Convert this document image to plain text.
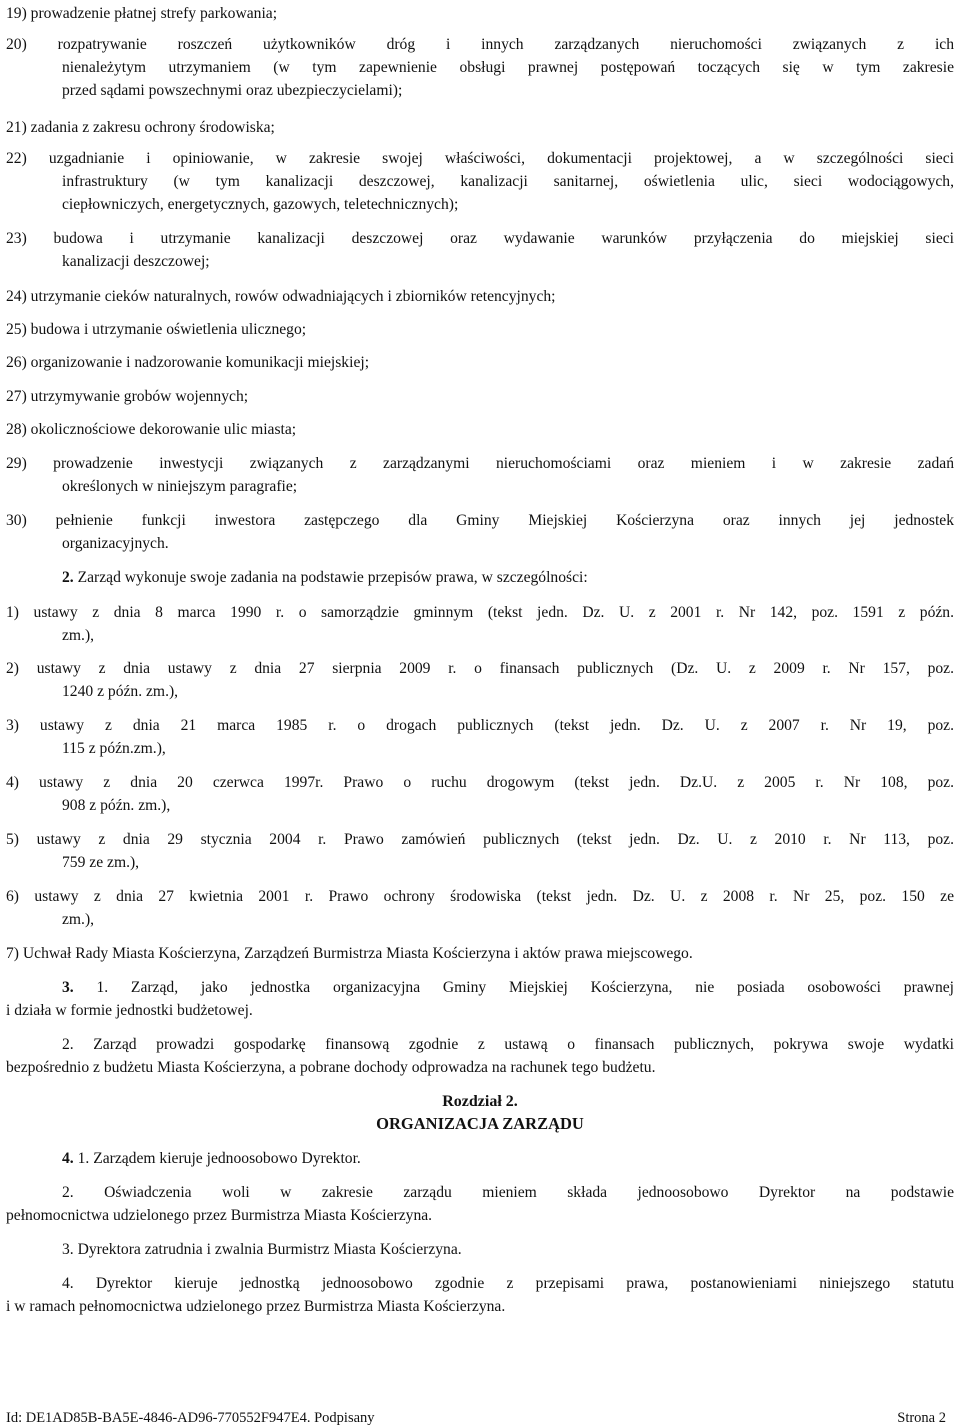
19) prowadzenie płatnej strefy parkowania;
20) rozpatrywanie roszczeń użytkowników dróg i innych zarządzanych nieruchomości związanych z ich
nienależytym utrzymaniem (w tym zapewnienie obsługi prawnej postępowań toczących się w tym zakresie
przed sądami powszechnymi oraz ubezpieczycielami);
21) zadania z zakresu ochrony środowiska;
22) uzgadnianie i opiniowanie, w zakresie swojej właściwości, dokumentacji projektowej, a w szczególności sieci
infrastruktury (w tym kanalizacji deszczowej, kanalizacji sanitarnej, oświetlenia ulic, sieci wodociągowych,
ciepłowniczych, energetycznych, gazowych, teletechnicznych);
23) budowa i utrzymanie kanalizacji deszczowej oraz wydawanie warunków przyłączenia do miejskiej sieci
kanalizacji deszczowej;
24) utrzymanie cieków naturalnych, rowów odwadniających i zbiorników retencyjnych;
25) budowa i utrzymanie oświetlenia ulicznego;
26) organizowanie i nadzorowanie komunikacji miejskiej;
27) utrzymywanie grobów wojennych;
28) okolicznościowe dekorowanie ulic miasta;
29) prowadzenie inwestycji związanych z zarządzanymi nieruchomościami oraz mieniem i w zakresie zadań
określonych w niniejszym paragrafie;
30) pełnienie funkcji inwestora zastępczego dla Gminy Miejskiej Kościerzyna oraz innych jej jednostek
organizacyjnych.
2. Zarząd wykonuje swoje zadania na podstawie przepisów prawa, w szczególności:
1) ustawy z dnia 8 marca 1990 r. o samorządzie gminnym (tekst jedn. Dz. U. z 2001 r. Nr 142, poz. 1591 z późn.
zm.),
2) ustawy z dnia ustawy z dnia 27 sierpnia 2009 r. o finansach publicznych (Dz. U. z 2009 r. Nr 157, poz.
1240 z późn. zm.),
3) ustawy z dnia 21 marca 1985 r. o drogach publicznych (tekst jedn. Dz. U. z 2007 r. Nr 19, poz.
115 z późn.zm.),
4) ustawy z dnia 20 czerwca 1997r. Prawo o ruchu drogowym (tekst jedn. Dz.U. z 2005 r. Nr 108, poz.
908 z późn. zm.),
5) ustawy z dnia 29 stycznia 2004 r. Prawo zamówień publicznych (tekst jedn. Dz. U. z 2010 r. Nr 113, poz.
759 ze zm.),
6) ustawy z dnia 27 kwietnia 2001 r. Prawo ochrony środowiska (tekst jedn. Dz. U. z 2008 r. Nr 25, poz. 150 ze
zm.),
7) Uchwał Rady Miasta Kościerzyna, Zarządzeń Burmistrza Miasta Kościerzyna i aktów prawa miejscowego.
3. 1. Zarząd, jako jednostka organizacyjna Gminy Miejskiej Kościerzyna, nie posiada osobowości prawnej
i działa w formie jednostki budżetowej.
2. Zarząd prowadzi gospodarkę finansową zgodnie z ustawą o finansach publicznych, pokrywa swoje wydatki
bezpośrednio z budżetu Miasta Kościerzyna, a pobrane dochody odprowadza na rachunek tego budżetu.
Rozdział 2.
ORGANIZACJA ZARZĄDU
4. 1. Zarządem kieruje jednoosobowo Dyrektor.
2. Oświadczenia woli w zakresie zarządu mieniem składa jednoosobowo Dyrektor na podstawie
pełnomocnictwa udzielonego przez Burmistrza Miasta Kościerzyna.
3. Dyrektora zatrudnia i zwalnia Burmistrz Miasta Kościerzyna.
4. Dyrektor kieruje jednostką jednoosobowo zgodnie z przepisami prawa, postanowieniami niniejszego statutu
i w ramach pełnomocnictwa udzielonego przez Burmistrza Miasta Kościerzyna.
Id: DE1AD85B-BA5E-4846-AD96-770552F947E4. Podpisany	Strona 2
